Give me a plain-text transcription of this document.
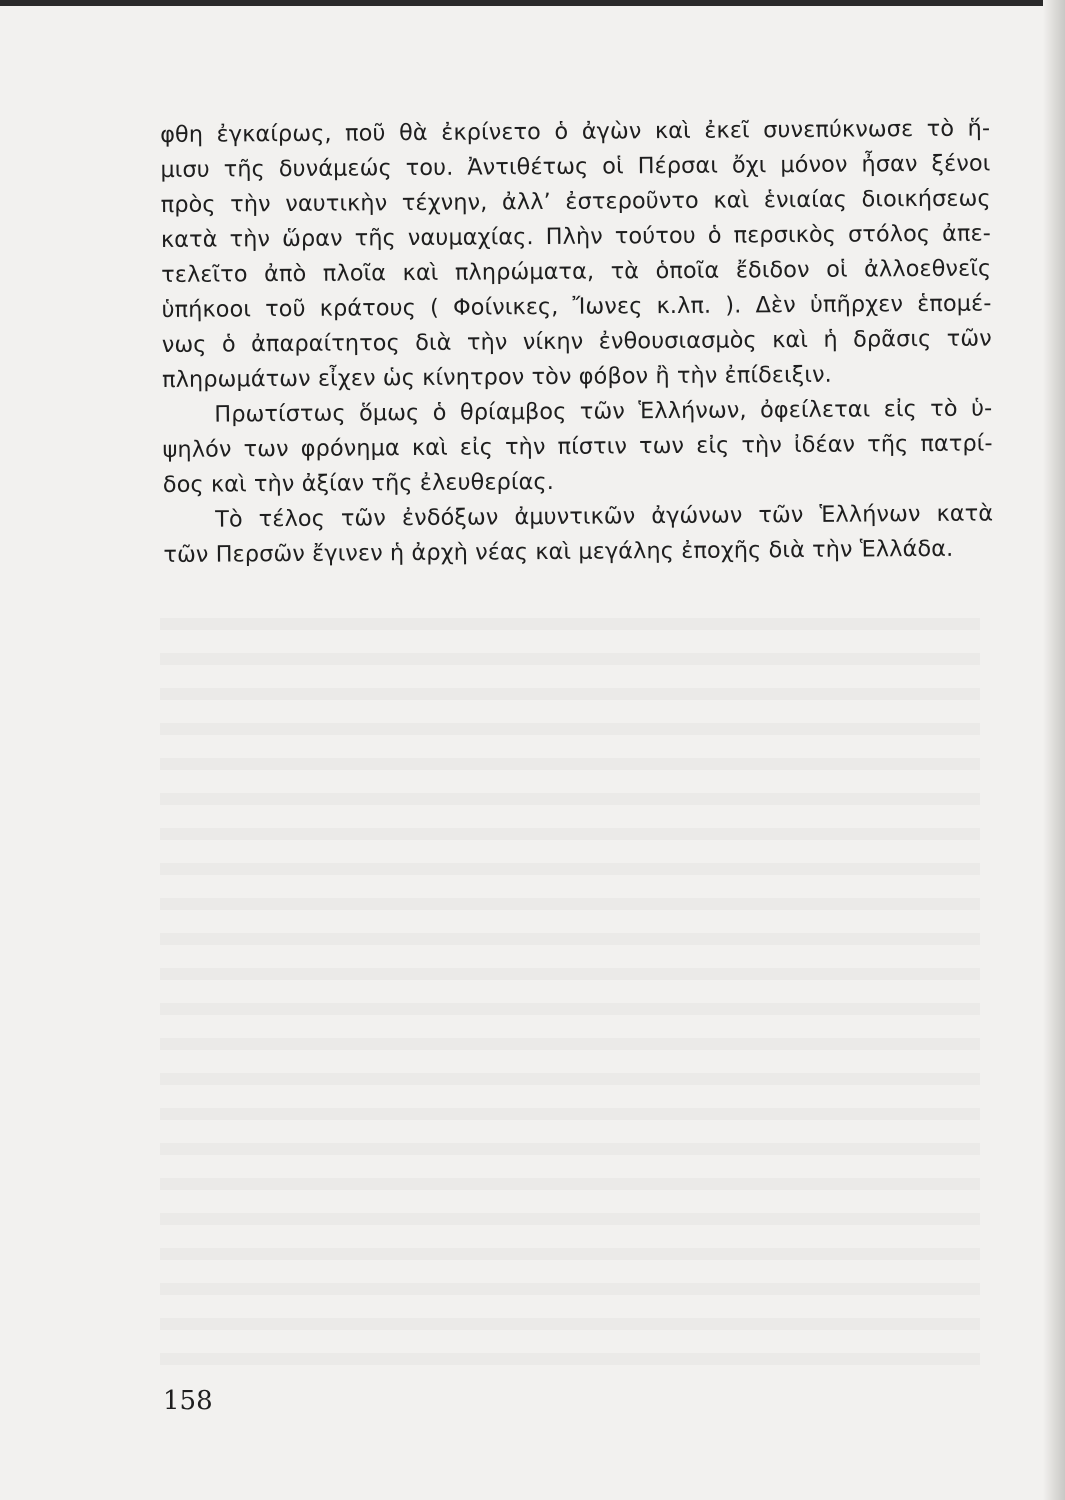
φθη ἐγκαίρως, ποῦ θὰ ἐκρίνετο ὁ ἀγὼν καὶ ἐκεῖ συνεπύκνωσε τὸ ἥ-
μισυ τῆς δυνάμεώς του. Ἀντιθέτως οἱ Πέρσαι ὄχι μόνον ἦσαν ξένοι
πρὸς τὴν ναυτικὴν τέχνην, ἀλλ’ ἐστεροῦντο καὶ ἑνιαίας διοικήσεως
κατὰ τὴν ὥραν τῆς ναυμαχίας. Πλὴν τούτου ὁ περσικὸς στόλος ἀπε-
τελεῖτο ἀπὸ πλοῖα καὶ πληρώματα, τὰ ὁποῖα ἔδιδον οἱ ἀλλοεθνεῖς
ὑπήκοοι τοῦ κράτους ( Φοίνικες, Ἴωνες κ.λπ. ). Δὲν ὑπῆρχεν ἑπομέ-
νως ὁ ἀπαραίτητος διὰ τὴν νίκην ἐνθουσιασμὸς καὶ ἡ δρᾶσις τῶν
πληρωμάτων εἶχεν ὡς κίνητρον τὸν φόβον ἢ τὴν ἐπίδειξιν.
Πρωτίστως ὅμως ὁ θρίαμβος τῶν Ἑλλήνων, ὀφείλεται εἰς τὸ ὑ-
ψηλόν των φρόνημα καὶ εἰς τὴν πίστιν των εἰς τὴν ἰδέαν τῆς πατρί-
δος καὶ τὴν ἀξίαν τῆς ἐλευθερίας.
Τὸ τέλος τῶν ἐνδόξων ἀμυντικῶν ἀγώνων τῶν Ἑλλήνων κατὰ
τῶν Περσῶν ἔγινεν ἡ ἀρχὴ νέας καὶ μεγάλης ἐποχῆς διὰ τὴν Ἑλλάδα.
158
